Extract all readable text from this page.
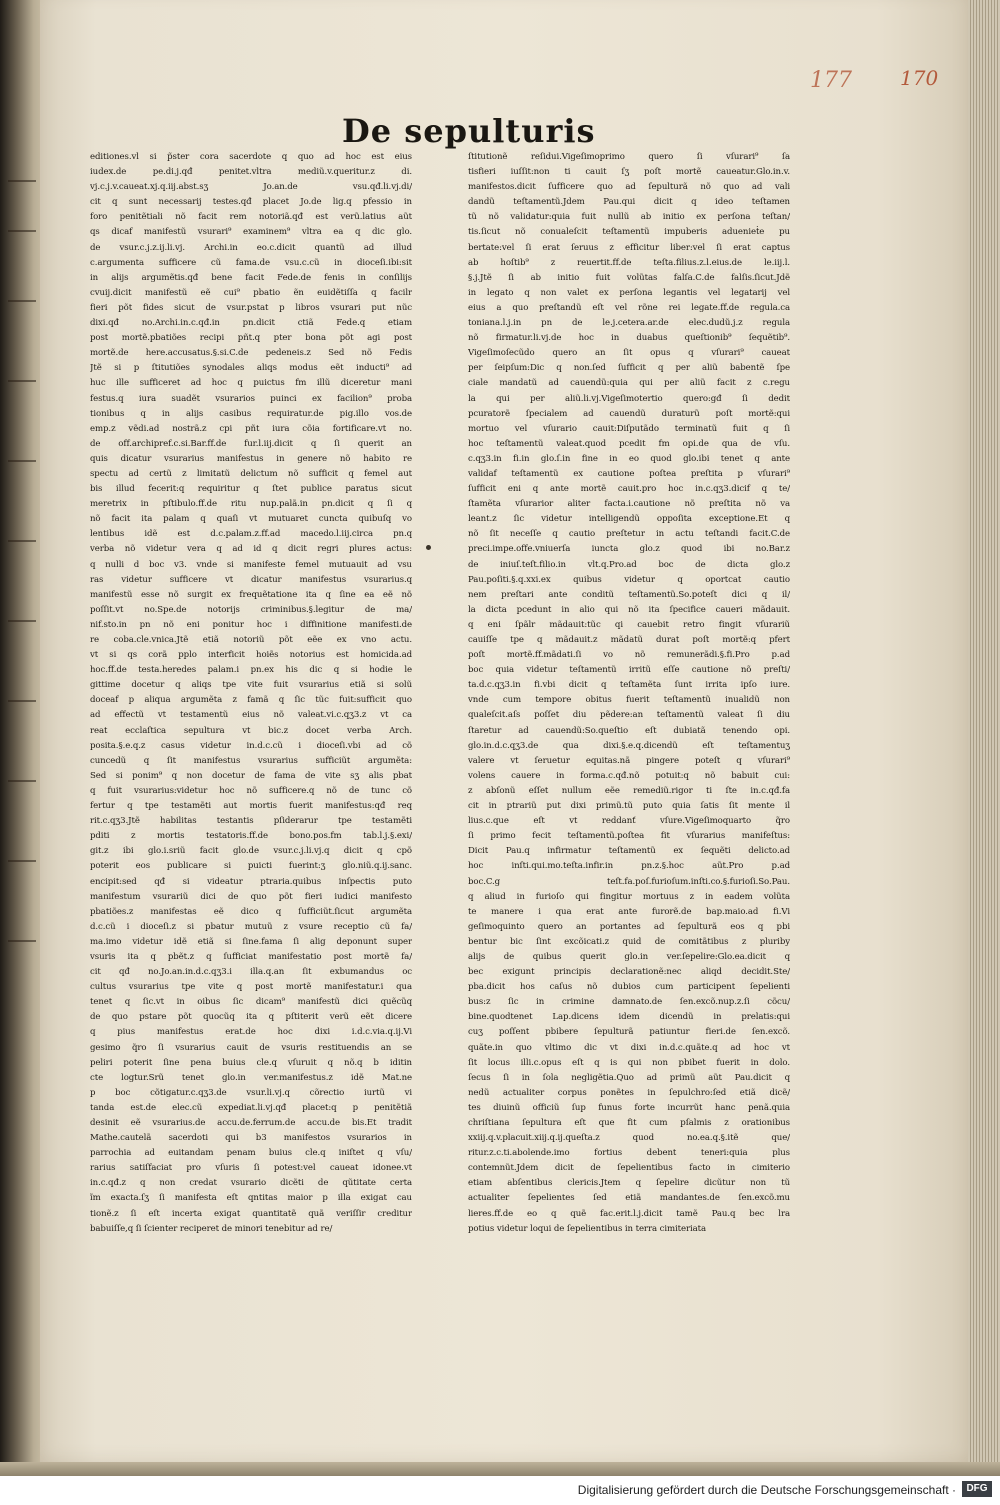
177 170
De sepulturis
editiones.vl si p̃ster cora sacerdote q quo ad hoc est eius
iudex.de pe.di.j.qđ penitet.vltra mediũ.v.queritur.z di.
vj.c.j.v.caueat.xj.q.iij.abst.sʒ Jo.an.de vsu.qđ.li.vj.di/
cit q sunt necessarij testes.qđ placet Jo.de lig.q pfessio in
foro penitẽtiali nõ facit rem notoriã.qđ est verũ.latius aũt
qs dicaf manifestũ vsurari⁹ examinem⁹ vltra ea q dic glo.
de vsur.c.j.z.ij.li.vj. Archi.in eo.c.dicit quantũ ad illud
c.argumenta sufficere cũ fama.de vsu.c.cũ in dioceſi.ibi:sit
in alijs argumẽtis.qđ bene facit Fede.de fenis in conſilijs
cvuij.dicit manifestũ eẽ cui⁹ pbatio ẽn euidẽtiſſa q facilr
fieri põt fides sicut de vsur.pstat p libros vsurari put nũc
dixi.qđ no.Archi.in.c.qđ.in pn.dicit ctiã Fede.q etiam
post mortẽ.pbatiões recipi pñt.q pter bona põt agi post
mortẽ.de here.accusatus.§.si.C.de pedeneis.z Sed nõ Fedis
Jtẽ si p ſtitutiões synodales aliqs modus eẽt inducti⁹ ad
huc ille sufficeret ad hoc q puictus fm illũ diceretur mani
festus.q iura suadẽt vsurarios puinci ex facilion⁹ proba
tionibus q in alijs casibus requiratur.de pig.illo vos.de
emp.z vẽdi.ad nostrã.z cpi pñt iura cõia fortificare.vt no.
de off.archipref.c.si.Bar.ff.de fur.l.iij.dicit q ſi querit an
quis dicatur vsurarius manifestus in genere nõ habito re
spectu ad certũ z limitatũ delictum nõ sufficit q femel aut
bis illud fecerit:q requiritur q ſtet publice paratus sicut
meretrix in pſtibulo.ff.de ritu nup.palã.in pn.dicit q ſi q
nõ facit ita palam q quaſi vt mutuaret cuncta quibuſq vo
lentibus idẽ est d.c.palam.z.ff.ad macedo.l.iij.circa pn.q
verba nõ videtur vera q ad id q dicit regri plures actus:
q nulli d boc v3. vnde si manifeste femel mutuauit ad vsu
ras videtur sufficere vt dicatur manifestus vsurarius.q
manifestũ esse nõ surgit ex frequẽtatione ita q ſine ea eẽ nõ
poſſit.vt no.Spe.de notorijs criminibus.§.legitur de ma/
nif.sto.in pn nõ eni ponitur hoc i diffinitione manifesti.de
re coba.cle.vnica.Jtẽ etiã notoriũ põt eẽe ex vno actu.
vt si qs corã pplo interficit hoiẽs notorius est homicida.ad
hoc.ff.de testa.heredes palam.i pn.ex his dic q si hodie le
gittime docetur q aliqs tpe vite fuit vsurarius etiã si solũ
doceaf p aliqua argumẽta z famã q ſic tũc fuit:sufficit quo
ad effectũ vt testamentũ eius nõ valeat.vi.c.qʒ3.z vt ca
reat ecclaſtica sepultura vt bic.z docet verba Arch.
posita.§.e.q.z casus videtur in.d.c.cũ i dioceſi.vbi ad cõ
cuncedũ q ſit manifestus vsurarius sufficiũt argumẽta:
Sed si ponim⁹ q non docetur de fama de vite sʒ alis pbat
q fuit vsurarius:videtur hoc nõ sufficere.q nõ de tunc cõ
fertur q tpe testamẽti aut mortis fuerit manifestus:qđ req
rit.c.qʒ3.Jtẽ habilitas testantis pſiderarur tpe testamẽti
pditi z mortis testatoris.ff.de bono.pos.fm tab.l.j.§.exi/
git.z ibi glo.i.sriũ facit glo.de vsur.c.j.li.vj.q dicit q cpõ
poterit eos publicare si puicti fuerint:ʒ glo.niũ.q.ij.sanc.
encipit:sed qđ si videatur ptraria.quibus inſpectis puto
manifestum vsurariũ dici de quo põt fieri iudici manifesto
pbatiões.z manifestas eẽ dico q ſufficiũt.ſicut argumẽta
d.c.cũ i dioceſi.z si pbatur mutuũ z vsure receptio cũ fa/
ma.imo videtur idẽ etiã si ſine.fama ſi alig deponunt super
vsuris ita q pbẽt.z q ſufficiat manifestatio post mortẽ fa/
cit qđ no.Jo.an.in.d.c.qʒ3.i illa.q.an ſit exbumandus oc
cultus vsurarius tpe vite q post mortẽ manifestatur.i qua
tenet q ſic.vt in oibus ſic dicam⁹ manifestũ dici quẽcũq
de quo pstare põt quocũq ita q pſtiterit verũ eẽt dicere
q pius manifestus erat.de hoc dixi i.d.c.via.q.ij.Vi
gesimo q̃ro ſi vsurarius cauit de vsuris restituendis an se
peliri poterit ſine pena buius cle.q vſuruit q nõ.q b iditin
cte logtur.Srũ tenet glo.in ver.manifestus.z idẽ Mat.ne
p boc cõtigatur.c.qʒ3.de vsur.li.vj.q cõrectio iurtũ vi
tanda est.de elec.cũ expediat.li.vj.qđ placet:q p penitẽtiã
desinit eẽ vsurarius.de accu.de.ferrum.de accu.de bis.Et tradit
Mathe.cautelã sacerdoti qui b3 manifestos vsurarios in
parrochia ad euitandam penam buius cle.q iniſtet q vſu/
rarius satiſfaciat pro vſuris ſi potest:vel caueat idonee.vt
in.c.qđ.z q non credat vsurario dicẽti de qũtitate certa
ĩm exacta.ſʒ ſi manifesta eſt qntitas maior p illa exigat cau
tionẽ.z ſi eſt incerta exigat quantitatẽ quã veriſſir creditur
babuiſſe,q ſi ſcienter reciperet de minori tenebitur ad re/
ſtitutionẽ reſidui.Vigeſimoprimo quero ſi vſurari⁹ ſa
tisfieri iuſſit:non ti cauit ſʒ poſt mortẽ caueatur.Glo.in.v.
manifestos.dicit ſufficere quo ad ſepulturã nõ quo ad vali
dandũ teſtamentũ.Jdem Pau.qui dicit q ideo teſtamen
tũ nõ validatur:quia fuit nullũ ab initio ex perſona teſtan/
tis.ſicut nõ conualeſcit teſtamentũ impuberis aduenieṫe pu
bertate:vel ſi erat ſeruus z efficitur liber:vel ſi erat captus
ab hoſtib⁹ z reuertit.ff.de teſta.filius.z.l.eius.de le.iij.l.
§.j.Jtẽ ſi ab initio fuit volũtas falſa.C.de falſis.ſicut.Jdẽ
in legato q non valet ex perſona legantis vel legatarij vel
eius a quo preſtandũ eſt vel rõne rei legate.ff.de regula.ca
toniana.l.j.in pn de le.j.cetera.ar.de elec.dudũ.j.z regula
nõ firmatur.li.vj.de hoc in duabus queſtionib⁹ ſequẽtib⁹.
Vigeſimoſecũdo quero an ſit opus q vſurari⁹ caueat
per ſeipſum:Dic q non.ſed ſufficit q per aliũ babentẽ ſpe
ciale mandatũ ad cauendũ:quia qui per aliũ facit z c.regu
la qui per aliũ.li.vj.Vigeſimotertio quero:gđ ſi dedit
pcuratorẽ ſpecialem ad cauendũ duraturũ poſt mortẽ:qui
mortuo vel vſurario cauit:Diſputãdo terminatũ fuit q ſi
hoc teſtamentũ valeat.quod pcedit fm opi.de qua de vſu.
c.qʒ3.in fi.in glo.ſ.in fine in eo quod glo.ibi tenet q ante
validaf teſtamentũ ex cautione poſtea preſtita p vſurari⁹
ſufficit eni q ante mortẽ cauit.pro hoc in.c.qʒ3.dicif q te/
ſtamẽta vſurarior aliter facta.i.cautione nõ preſtita nõ va
leant.z ſic videtur intelligendũ oppoſita exceptione.Et q
nõ ſit neceſſe q cautio preſtetur in actu teſtandi facit.C.de
preci.impe.offe.vniuerſa iuncta glo.z quod ibi no.Bar.z
de iniuſ.teſt.filio.in vlt.q.Pro.ad boc de dicta glo.z
Pau.poſiti.§.q.xxi.ex quibus videtur q oportcat cautio
nem preſtari ante conditũ teſtamentũ.So.poteſt dici q il/
la dicta pcedunt in alio qui nõ ita ſpecifice caueri mãdauit.
q eni ſpãlr mãdauit:tũc qi cauebit retro fingit vſurariũ
cauiſſe tpe q mãdauit.z mãdatũ durat poſt mortẽ:q pfert
poſt mortẽ.ff.mãdati.ſi vo nõ remunerãdi.§.fi.Pro p.ad
boc quia videtur teſtamentũ irritũ eſſe cautione nõ preſti/
ta.d.c.qʒ3.in fi.vbi dicit q teſtamẽta ſunt irrita ipſo iure.
vnde cum tempore obitus fuerit teſtamentũ inualidũ non
qualeſcit.aſs poſſet diu pẽdere:an teſtamentũ valeat ſi diu
ſtaretur ad cauendũ:So.queſtio eſt dubiatã tenendo opi.
glo.in.d.c.qʒ3.de qua dixi.§.e.q.dicendũ eſt teſtamentuʒ
valere vt ſeruetur equitas.nã pingere poteſt q vſurari⁹
volens cauere in forma.c.qđ.nõ potuit:q nõ babuit cui:
z abſonũ eſſet nullum eẽe remediũ.rigor ti ſte in.c.qđ.fa
cit in ptrariũ put dixi primũ.tũ puto quia ſatis ſit mente il
lius.c.que eſt vt reddanť vſure.Vigeſimoquarto q̃ro
ſi primo fecit teſtamentũ.poſtea fit vſurarius manifeſtus:
Dicit Pau.q infirmatur teſtamentũ ex ſequẽti delicto.ad
hoc inſti.qui.mo.teſta.infir.in pn.z.§.hoc aũt.Pro p.ad
boc.C.g teſt.fa.poſ.furioſum.inſti.co.§.furioſi.So.Pau.
q aliud in furioſo qui fingitur mortuus z in eadem volũta
te manere i qua erat ante furorẽ.de bap.maio.ad fi.Vi
geſimoquinto quero an portantes ad ſepulturã eos q pbi
bentur bic ſint excõicati.z quid de comitãtibus z pluriby
alijs de quibus querit glo.in ver.ſepelire:Glo.ea.dicit q
bec exigunt principis declarationẽ:nec aliqd decidit.Ste/
pba.dicit hos caſus nõ dubios cum participent ſepelienti
bus:z ſic in crimine damnato.de ſen.excõ.nup.z.ſi cõcu/
bine.quodtenet Lap.dicens idem dicendũ in prelatis:qui
cuʒ poſſent pbibere ſepulturã patiuntur fieri.de ſen.excõ.
quãte.in quo vltimo dic vt dixi in.d.c.quãte.q ad hoc vt
ſit locus illi.c.opus eſt q is qui non pbibet fuerit in dolo.
ſecus ſi in ſola negligẽtia.Quo ad primũ aũt Pau.dicit q
nedũ actualiter corpus ponẽtes in ſepulchro:ſed etiã dicẽ/
tes diuinũ officiũ ſup funus forte incurrũt hanc penã.quia
chriſtiana ſepultura eſt que fit cum pſalmis z orationibus
xxiij.q.v.placuit.xiij.q.ij.queſta.z quod no.ea.q.§.itẽ que/
ritur.z.c.ti.abolende.imo fortius debent teneri:quia plus
contemnũt.Jdem dicit de ſepelientibus facto in cimiterio
etiam abſentibus clericis.Jtem q ſepelire dicũtur non tũ
actualiter ſepelientes ſed etiã mandantes.de ſen.excõ.mu
lieres.ff.de eo q quẽ fac.erit.l.j.dicit tamẽ Pau.q bec lra
potius videtur loqui de ſepelientibus in terra cimiteriata
Digitalisierung gefördert durch die Deutsche Forschungsgemeinschaft ·	DFG
